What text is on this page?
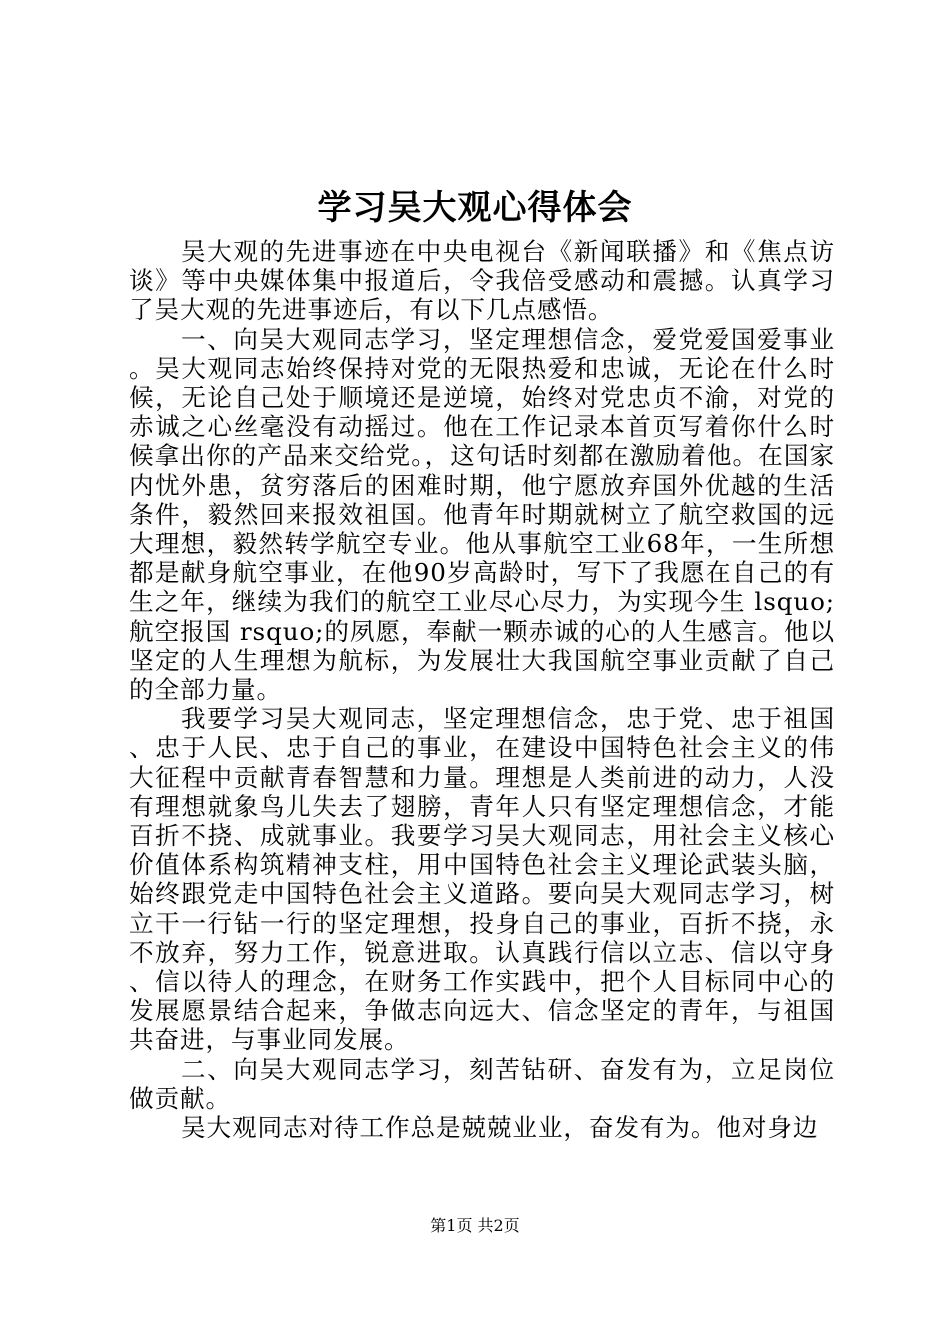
学习吴大观心得体会

吴大观的先进事迹在中央电视台《新闻联播》和《焦点访谈》等中央媒体集中报道后，令我倍受感动和震撼。认真学习了吴大观的先进事迹后，有以下几点感悟。

一、向吴大观同志学习，坚定理想信念，爱党爱国爱事业。吴大观同志始终保持对党的无限热爱和忠诚，无论在什么时候，无论自己处于顺境还是逆境，始终对党忠贞不渝，对党的赤诚之心丝毫没有动摇过。他在工作记录本首页写着你什么时候拿出你的产品来交给党。，这句话时刻都在激励着他。在国家内忧外患，贫穷落后的困难时期，他宁愿放弃国外优越的生活条件，毅然回来报效祖国。他青年时期就树立了航空救国的远大理想，毅然转学航空专业。他从事航空工业68年，一生所想都是献身航空事业，在他90岁高龄时，写下了我愿在自己的有生之年，继续为我们的航空工业尽心尽力，为实现今生 lsquo;航空报国 rsquo;的夙愿，奉献一颗赤诚的心的人生感言。他以坚定的人生理想为航标，为发展壮大我国航空事业贡献了自己的全部力量。

我要学习吴大观同志，坚定理想信念，忠于党、忠于祖国、忠于人民、忠于自己的事业，在建设中国特色社会主义的伟大征程中贡献青春智慧和力量。理想是人类前进的动力，人没有理想就象鸟儿失去了翅膀，青年人只有坚定理想信念，才能百折不挠、成就事业。我要学习吴大观同志，用社会主义核心价值体系构筑精神支柱，用中国特色社会主义理论武装头脑，始终跟党走中国特色社会主义道路。要向吴大观同志学习，树立干一行钻一行的坚定理想，投身自己的事业，百折不挠，永不放弃，努力工作，锐意进取。认真践行信以立志、信以守身、信以待人的理念，在财务工作实践中，把个人目标同中心的发展愿景结合起来，争做志向远大、信念坚定的青年，与祖国共奋进，与事业同发展。

二、向吴大观同志学习，刻苦钻研、奋发有为，立足岗位做贡献。

吴大观同志对待工作总是兢兢业业，奋发有为。他对身边

第1页 共2页
